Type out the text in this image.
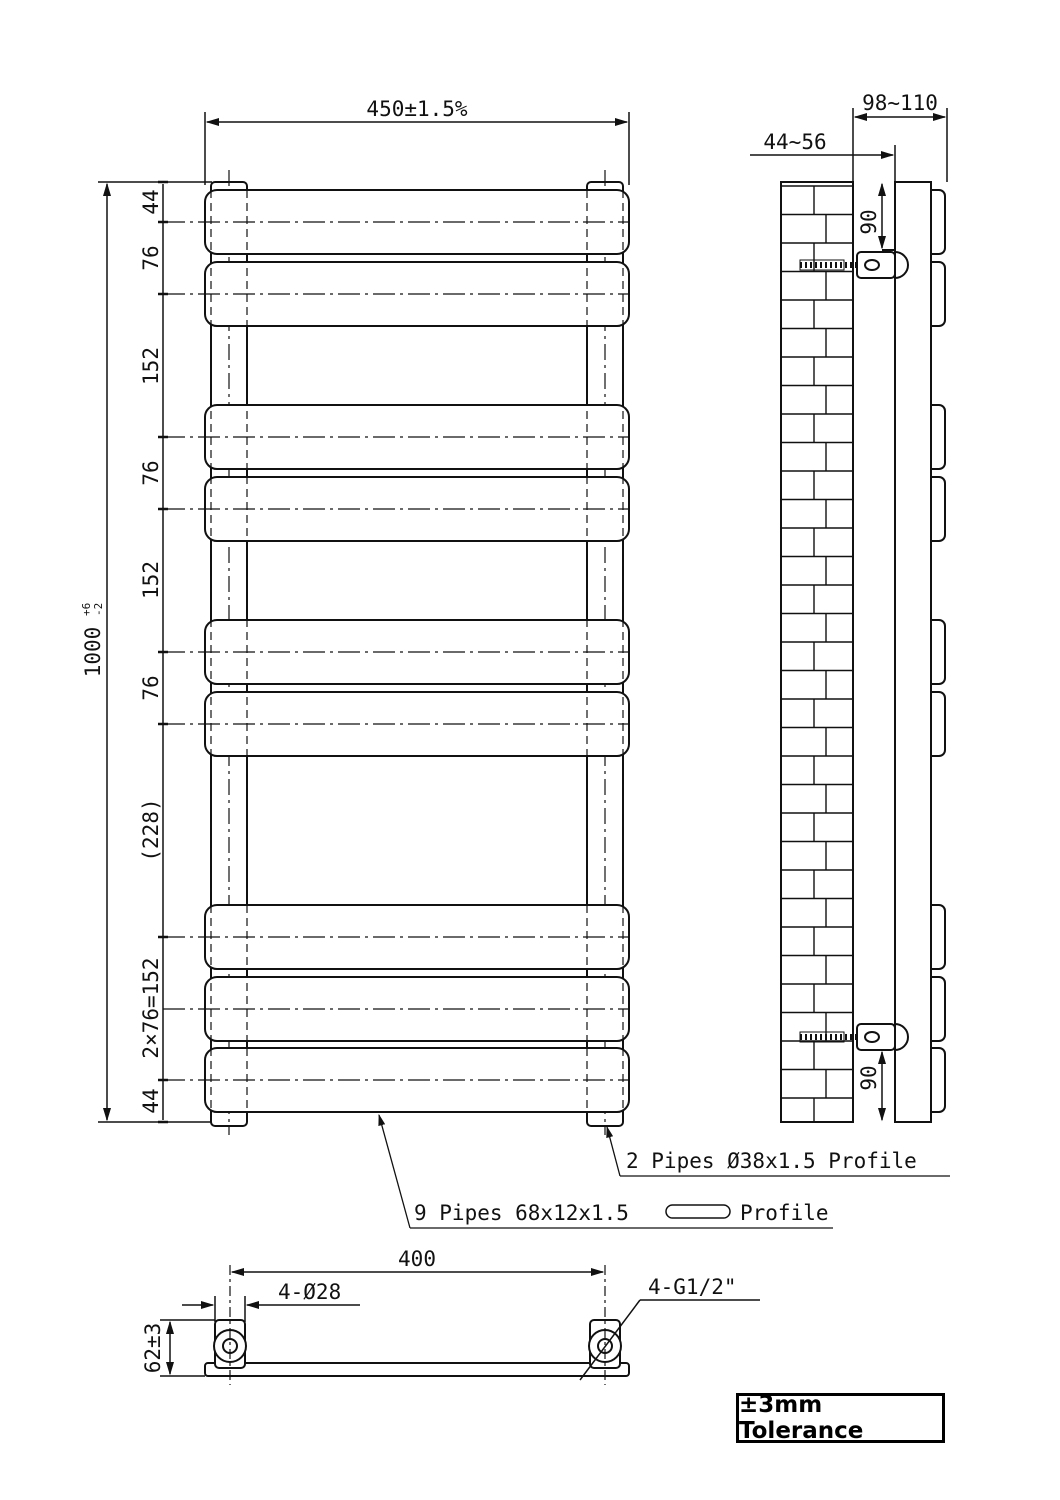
450±1.5%
1000
+6 -2
44
76
152
76
152
76
(228)
2×76=152
44
2 Pipes Ø38x1.5 Profile
9 Pipes 68x12x1.5	Profile
98~110
44~56
90
90
400
4-Ø28	4-G1/2"
62±3
±3mm Tolerance
